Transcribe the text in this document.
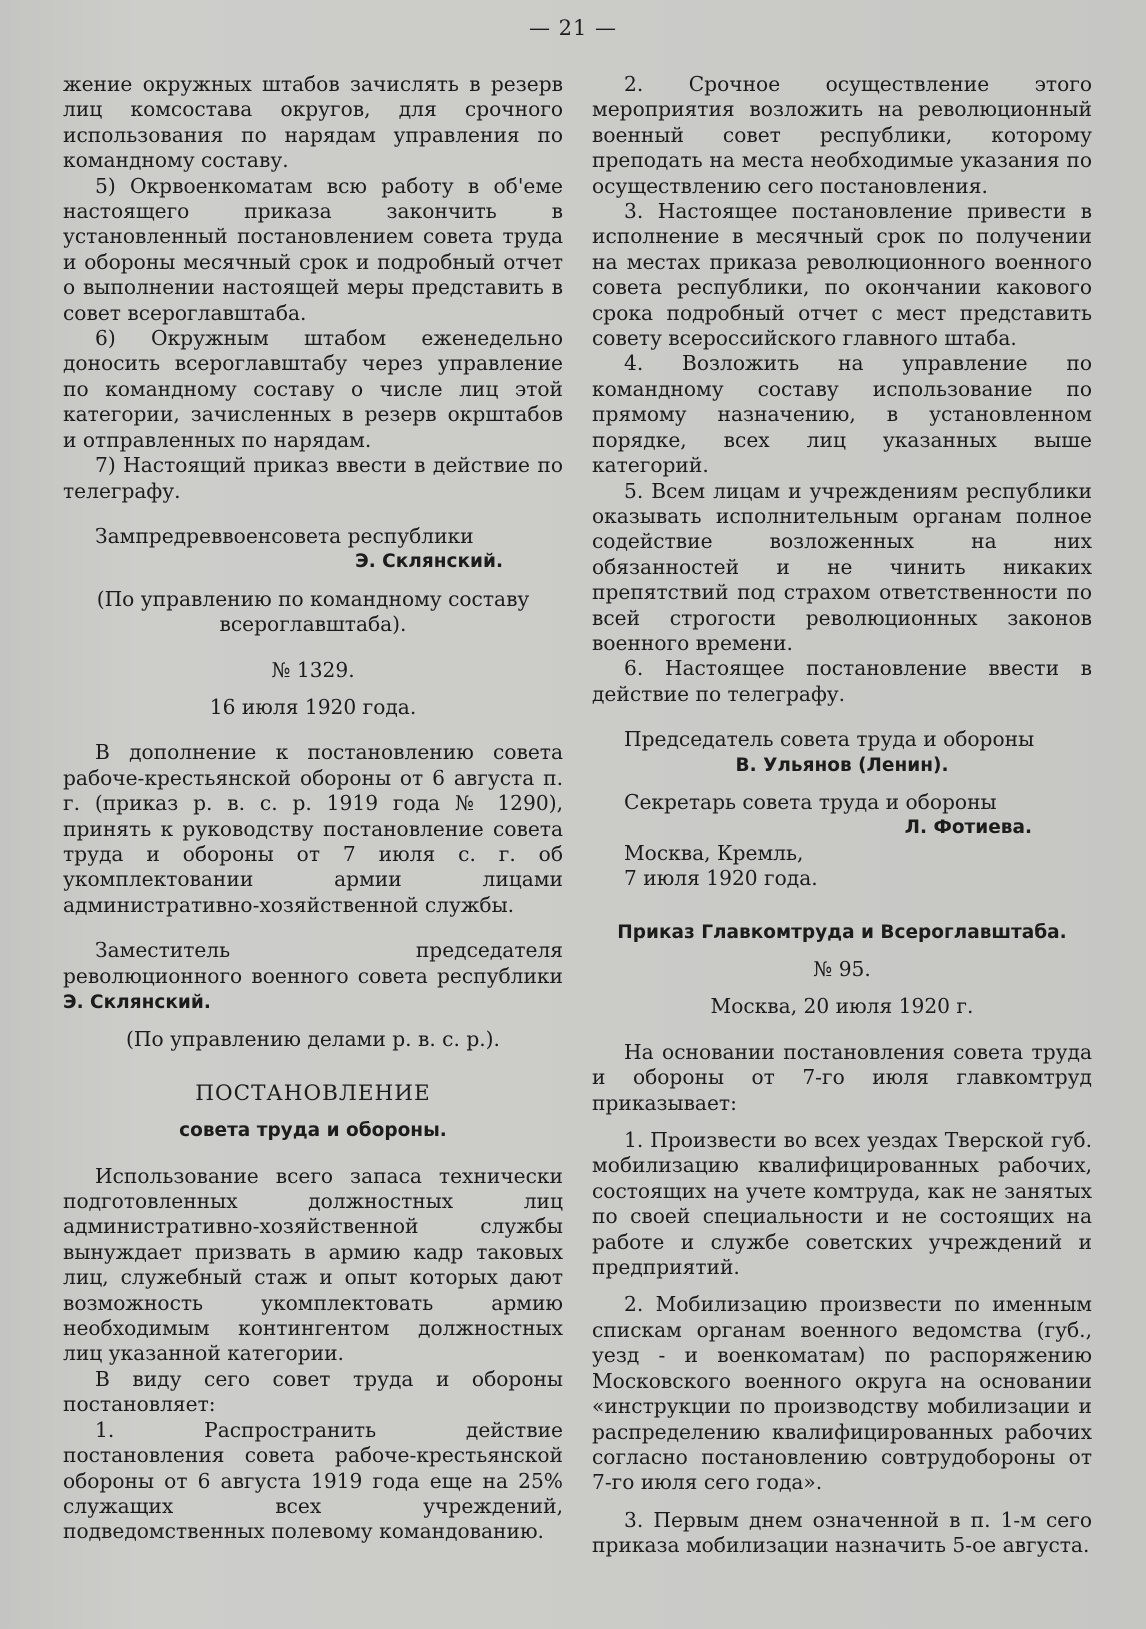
— 21 —

жение окружных штабов зачислять в резерв лиц комсостава округов, для срочного использования по нарядам управления по командному составу.

5) Окрвоенкоматам всю работу в об'еме настоящего приказа закончить в установленный постановлением совета труда и обороны месячный срок и подробный отчет о выполнении настоящей меры представить в совет всероглавштаба.

6) Окружным штабом еженедельно доносить всероглавштабу через управление по командному составу о числе лиц этой категории, зачисленных в резерв окрштабов и отправленных по нарядам.

7) Настоящий приказ ввести в действие по телеграфу.

Зампредреввоенсовета республики

Э. Склянский.

(По управлению по командному составу всероглавштаба).

№ 1329.

16 июля 1920 года.

В дополнение к постановлению совета рабоче-крестьянской обороны от 6 августа п. г. (приказ р. в. с. р. 1919 года № 1290), принять к руководству постановление совета труда и обороны от 7 июля с. г. об укомплектовании армии лицами административно-хозяйственной службы.

Заместитель председателя революционного военного совета республики Э. Склянский.

(По управлению делами р. в. с. р.).

ПОСТАНОВЛЕНИЕ

совета труда и обороны.

Использование всего запаса технически подготовленных должностных лиц административно-хозяйственной службы вынуждает призвать в армию кадр таковых лиц, служебный стаж и опыт которых дают возможность укомплектовать армию необходимым контингентом должностных лиц указанной категории.

В виду сего совет труда и обороны постановляет:

1. Распространить действие постановления совета рабоче-крестьянской обороны от 6 августа 1919 года еще на 25% служащих всех учреждений, подведомственных полевому командованию.

2. Срочное осуществление этого мероприятия возложить на революционный военный совет республики, которому преподать на места необходимые указания по осуществлению сего постановления.

3. Настоящее постановление привести в исполнение в месячный срок по получении на местах приказа революционного военного совета республики, по окончании какового срока подробный отчет с мест представить совету всероссийского главного штаба.

4. Возложить на управление по командному составу использование по прямому назначению, в установленном порядке, всех лиц указанных выше категорий.

5. Всем лицам и учреждениям республики оказывать исполнительным органам полное содействие возложенных на них обязанностей и не чинить никаких препятствий под страхом ответственности по всей строгости революционных законов военного времени.

6. Настоящее постановление ввести в действие по телеграфу.

Председатель совета труда и обороны

В. Ульянов (Ленин).

Секретарь совета труда и обороны

Л. Фотиева.

Москва, Кремль,

7 июля 1920 года.

Приказ Главкомтруда и Всероглавштаба.

№ 95.

Москва, 20 июля 1920 г.

На основании постановления совета труда и обороны от 7-го июля главкомтруд приказывает:

1. Произвести во всех уездах Тверской губ. мобилизацию квалифицированных рабочих, состоящих на учете комтруда, как не занятых по своей специальности и не состоящих на работе и службе советских учреждений и предприятий.

2. Мобилизацию произвести по именным спискам органам военного ведомства (губ., уезд - и военкоматам) по распоряжению Московского военного округа на основании «инструкции по производству мобилизации и распределению квалифицированных рабочих согласно постановлению совтрудобороны от 7-го июля сего года».

3. Первым днем означенной в п. 1-м сего приказа мобилизации назначить 5-ое августа.
